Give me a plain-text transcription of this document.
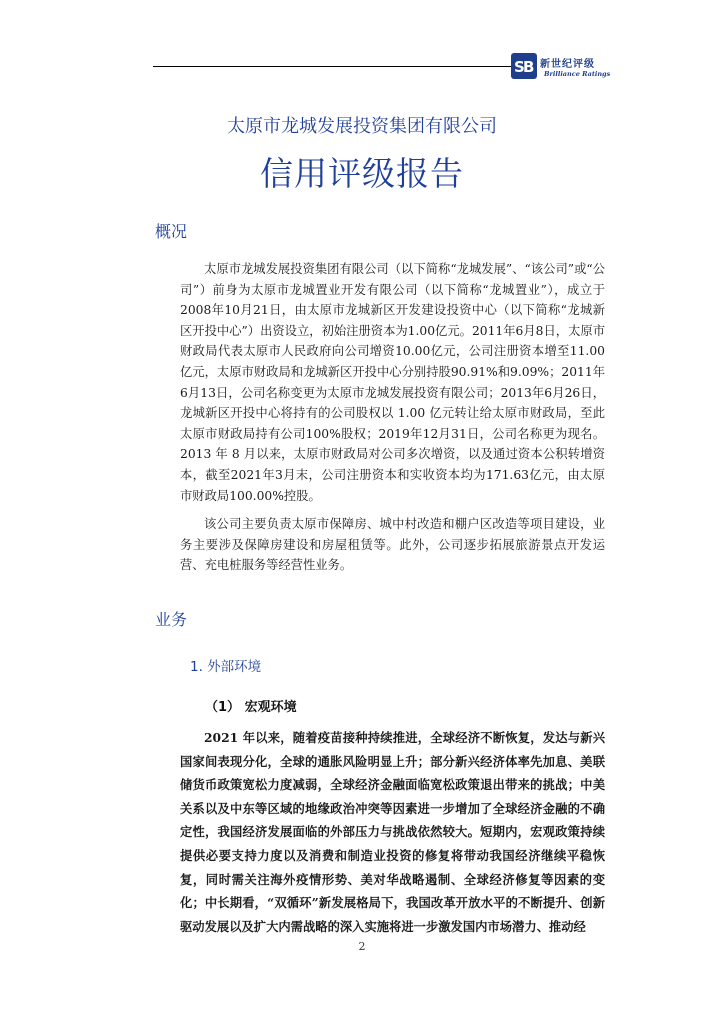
S
B 新世纪评级
Brilliance Ratings
太原市龙城发展投资集团有限公司
信用评级报告
概况

太原市龙城发展投资集团有限公司（以下简称“龙城发展”、“该公司”或“公司”）前身为太原市龙城置业开发有限公司（以下简称“龙城置业”），成立于2008年10月21日，由太原市龙城新区开发建设投资中心（以下简称“龙城新区开投中心”）出资设立，初始注册资本为1.00亿元。2011年6月8日，太原市财政局代表太原市人民政府向公司增资10.00亿元，公司注册资本增至11.00亿元，太原市财政局和龙城新区开投中心分别持股90.91%和9.09%；2011年6月13日，公司名称变更为太原市龙城发展投资有限公司；2013年6月26日，龙城新区开投中心将持有的公司股权以 1.00 亿元转让给太原市财政局，至此太原市财政局持有公司100%股权；2019年12月31日，公司名称更为现名。2013 年 8 月以来，太原市财政局对公司多次增资，以及通过资本公积转增资本，截至2021年3月末，公司注册资本和实收资本均为171.63亿元，由太原市财政局100.00%控股。

该公司主要负责太原市保障房、城中村改造和棚户区改造等项目建设，业务主要涉及保障房建设和房屋租赁等。此外，公司逐步拓展旅游景点开发运营、充电桩服务等经营性业务。

业务
1. 外部环境
（1） 宏观环境

2021 年以来，随着疫苗接种持续推进，全球经济不断恢复，发达与新兴国家间表现分化，全球的通胀风险明显上升；部分新兴经济体率先加息、美联储货币政策宽松力度减弱，全球经济金融面临宽松政策退出带来的挑战；中美关系以及中东等区域的地缘政治冲突等因素进一步增加了全球经济金融的不确定性，我国经济发展面临的外部压力与挑战依然较大。短期内，宏观政策持续提供必要支持力度以及消费和制造业投资的修复将带动我国经济继续平稳恢复，同时需关注海外疫情形势、美对华战略遏制、全球经济修复等因素的变化；中长期看，“双循环”新发展格局下，我国改革开放水平的不断提升、创新驱动发展以及扩大内需战略的深入实施将进一步激发国内市场潜力、推动经

2
